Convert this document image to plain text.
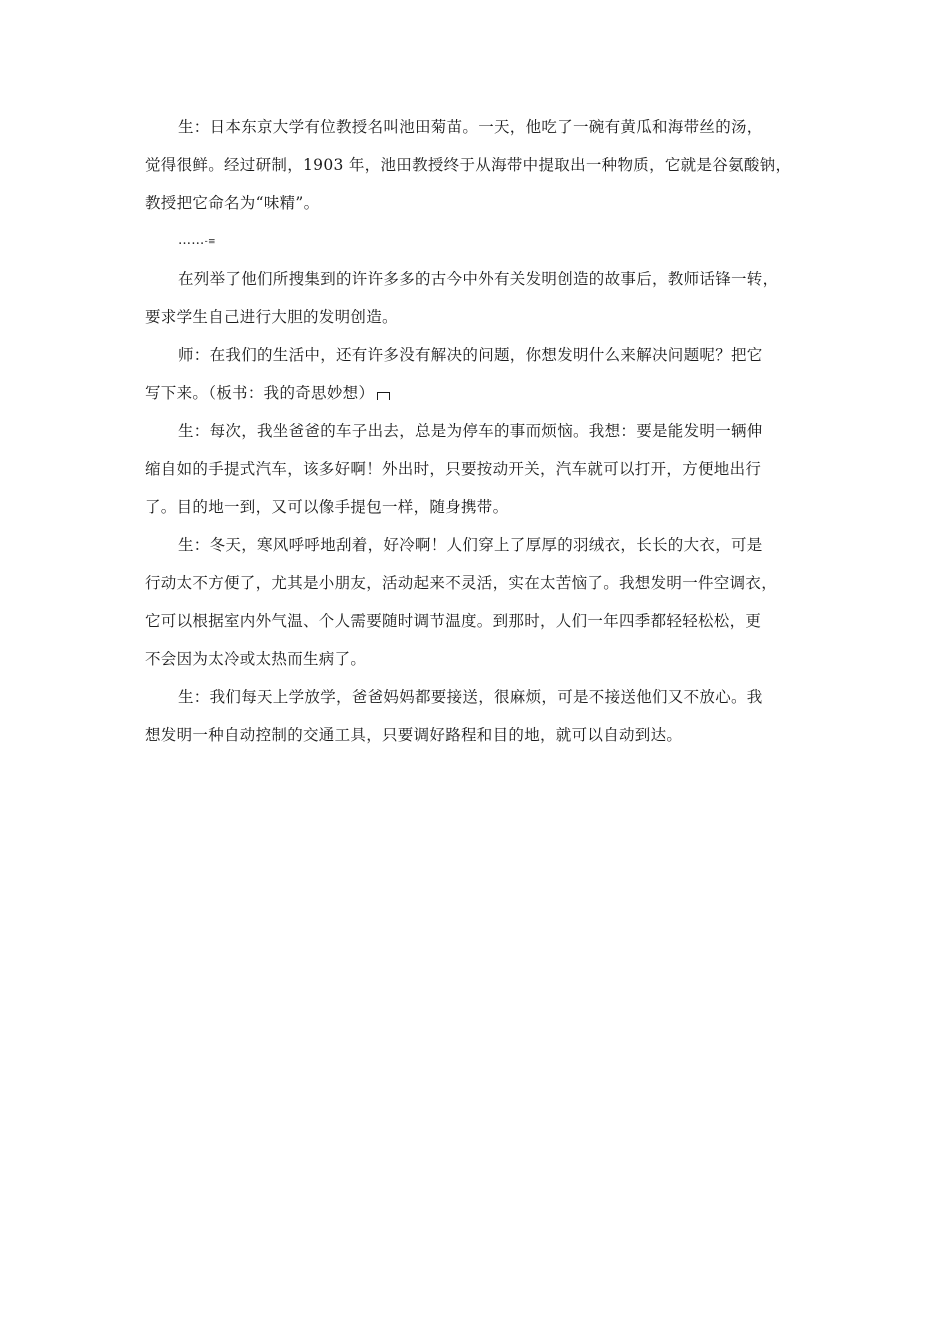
生：日本东京大学有位教授名叫池田菊苗。一天，他吃了一碗有黄瓜和海带丝的汤，
觉得很鲜。经过研制，1903 年，池田教授终于从海带中提取出一种物质，它就是谷氨酸钠，
教授把它命名为“味精”。
……-≡
在列举了他们所搜集到的许许多多的古今中外有关发明创造的故事后，教师话锋一转，
要求学生自己进行大胆的发明创造。
师：在我们的生活中，还有许多没有解决的问题，你想发明什么来解决问题呢？把它
写下来。（板书：我的奇思妙想）
生：每次，我坐爸爸的车子出去，总是为停车的事而烦恼。我想：要是能发明一辆伸
缩自如的手提式汽车，该多好啊！外出时，只要按动开关，汽车就可以打开，方便地出行
了。目的地一到，又可以像手提包一样，随身携带。
生：冬天，寒风呼呼地刮着，好冷啊！人们穿上了厚厚的羽绒衣，长长的大衣，可是
行动太不方便了，尤其是小朋友，活动起来不灵活，实在太苦恼了。我想发明一件空调衣，
它可以根据室内外气温、个人需要随时调节温度。到那时，人们一年四季都轻轻松松，更
不会因为太冷或太热而生病了。
生：我们每天上学放学，爸爸妈妈都要接送，很麻烦，可是不接送他们又不放心。我
想发明一种自动控制的交通工具，只要调好路程和目的地，就可以自动到达。
